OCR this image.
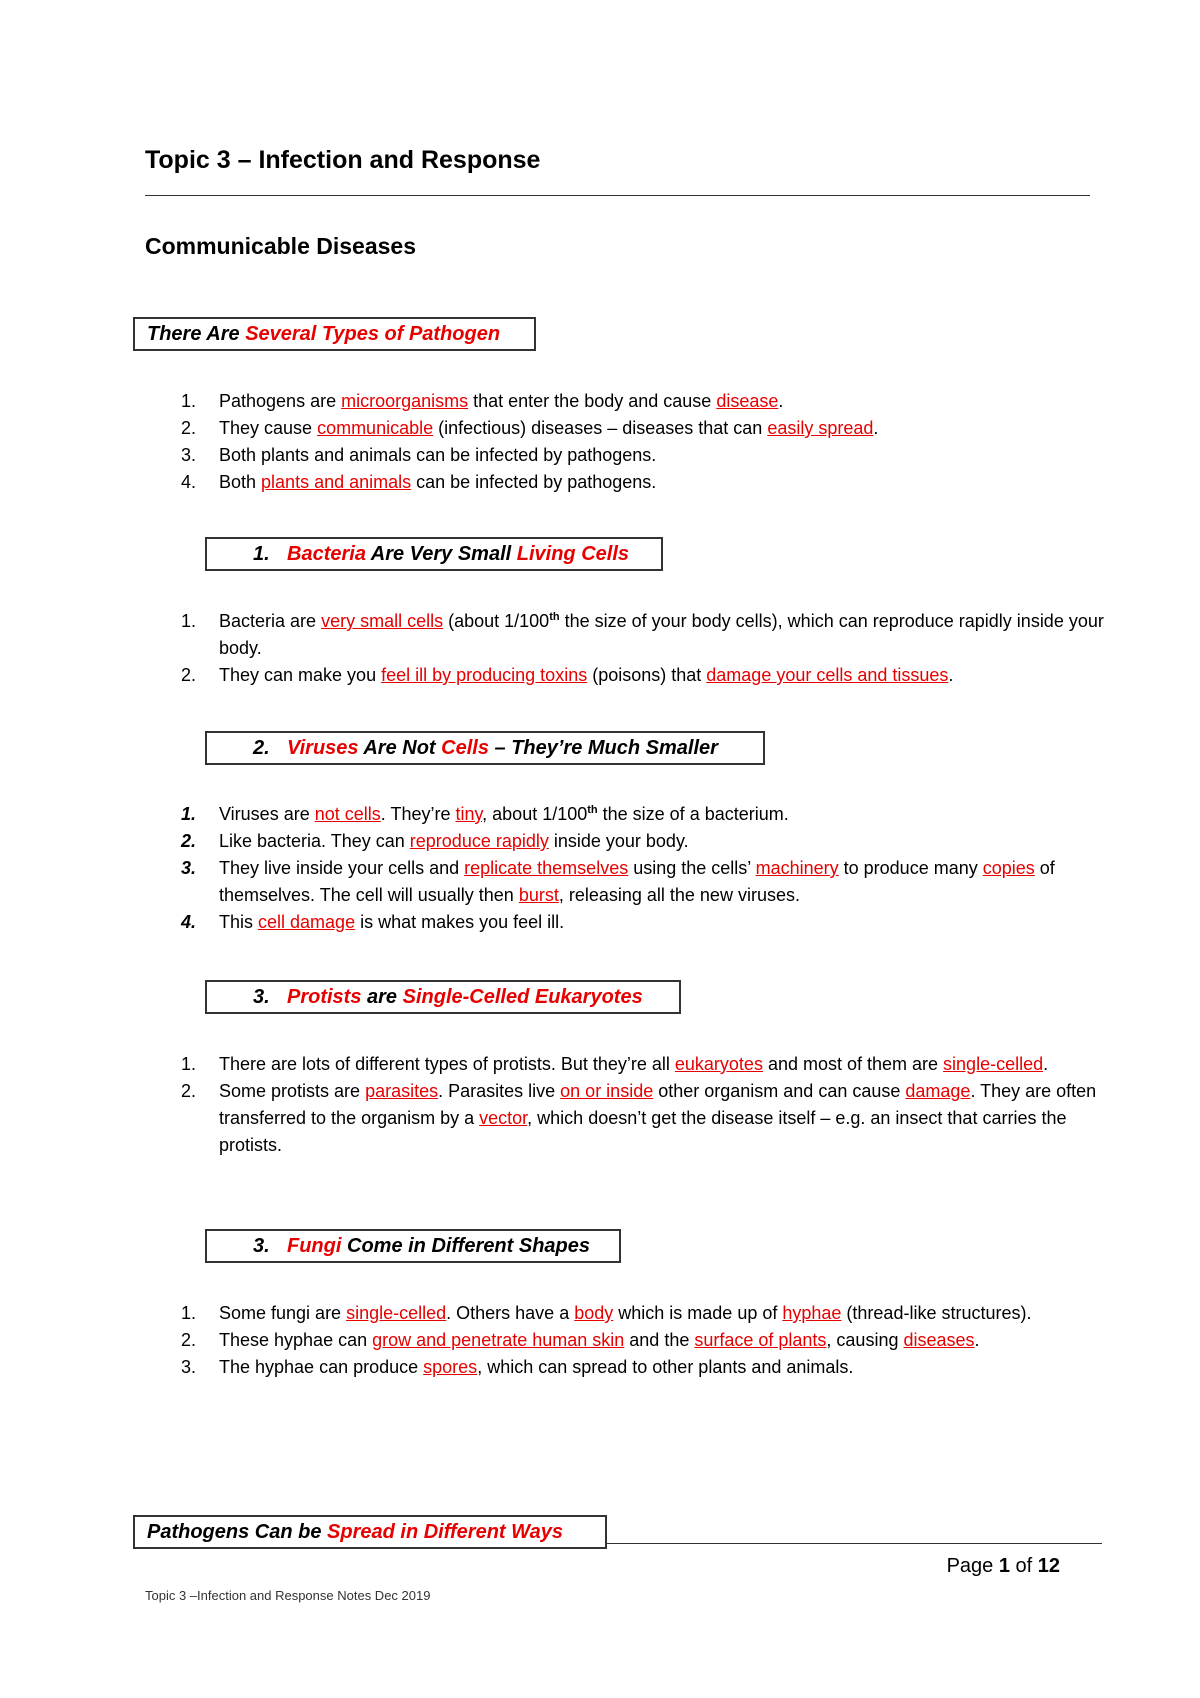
Topic 3 – Infection and Response
Communicable Diseases
There Are Several Types of Pathogen
1. Pathogens are microorganisms that enter the body and cause disease.
2. They cause communicable (infectious) diseases – diseases that can easily spread.
3. Both plants and animals can be infected by pathogens.
4. Both plants and animals can be infected by pathogens.
1. Bacteria Are Very Small Living Cells
1. Bacteria are very small cells (about 1/100th the size of your body cells), which can reproduce rapidly inside your body.
2. They can make you feel ill by producing toxins (poisons) that damage your cells and tissues.
2. Viruses Are Not Cells – They’re Much Smaller
1. Viruses are not cells. They’re tiny, about 1/100th the size of a bacterium.
2. Like bacteria. They can reproduce rapidly inside your body.
3. They live inside your cells and replicate themselves using the cells’ machinery to produce many copies of themselves. The cell will usually then burst, releasing all the new viruses.
4. This cell damage is what makes you feel ill.
3. Protists are Single-Celled Eukaryotes
1. There are lots of different types of protists. But they’re all eukaryotes and most of them are single-celled.
2. Some protists are parasites. Parasites live on or inside other organism and can cause damage. They are often transferred to the organism by a vector, which doesn’t get the disease itself – e.g. an insect that carries the protists.
3. Fungi Come in Different Shapes
1. Some fungi are single-celled. Others have a body which is made up of hyphae (thread-like structures).
2. These hyphae can grow and penetrate human skin and the surface of plants, causing diseases.
3. The hyphae can produce spores, which can spread to other plants and animals.
Pathogens Can be Spread in Different Ways
Page 1 of 12
Topic 3 –Infection and Response Notes Dec 2019
